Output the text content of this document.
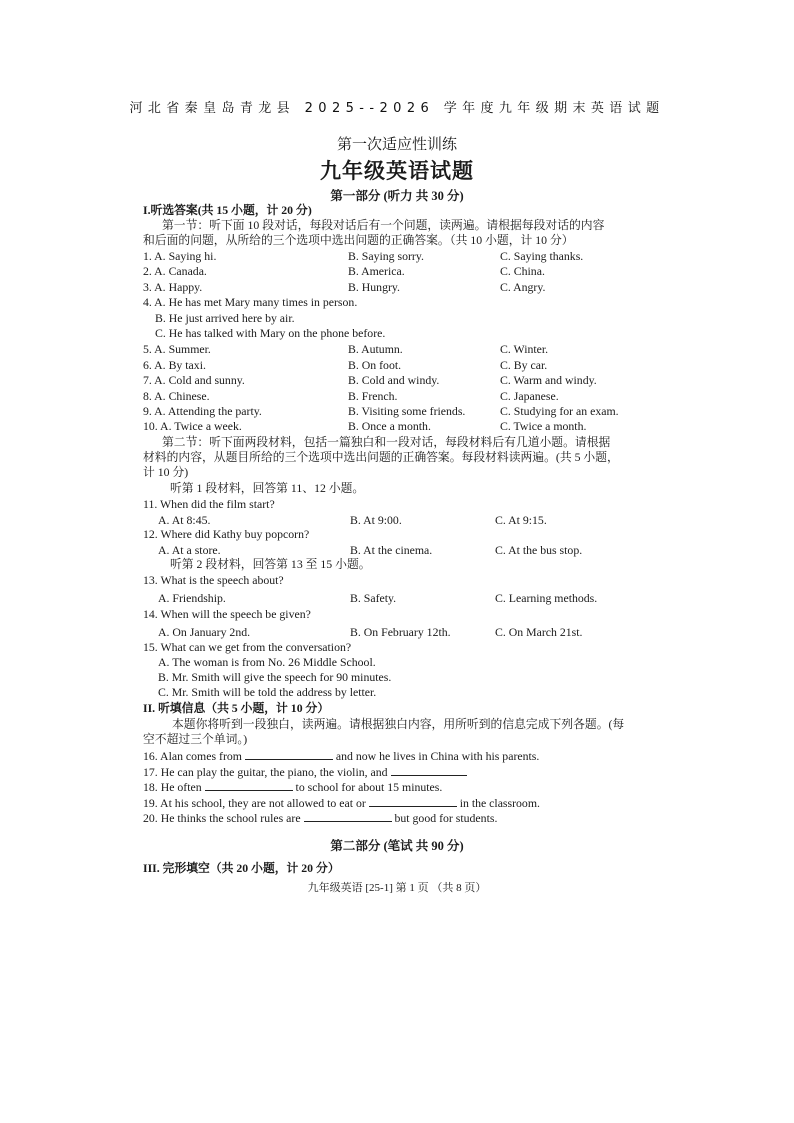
河北省秦皇岛青龙县 2025--2026 学年度九年级期末英语试题
第一次适应性训练
九年级英语试题
第一部分 (听力 共 30 分)
I.听选答案(共 15 小题，计 20 分)
第一节：听下面 10 段对话，每段对话后有一个问题，读两遍。请根据每段对话的内容
和后面的问题，从所给的三个选项中选出问题的正确答案。（共 10 小题，计 10 分）
1. A. Saying hi.	B. Saying sorry.	C. Saying thanks.
2. A. Canada.	B. America.	C. China.
3. A. Happy.	B. Hungry.	C. Angry.
4. A. He has met Mary many times in person.
B. He just arrived here by air.
C. He has talked with Mary on the phone before.
5. A. Summer.	B. Autumn.	C. Winter.
6. A. By taxi.	B. On foot.	C. By car.
7. A. Cold and sunny.	B. Cold and windy.	C. Warm and windy.
8. A. Chinese.	B. French.	C. Japanese.
9. A. Attending the party.	B. Visiting some friends.	C. Studying for an exam.
10. A. Twice a week.	B. Once a month.	C. Twice a month.
第二节：听下面两段材料，包括一篇独白和一段对话，每段材料后有几道小题。请根据
材料的内容，从题目所给的三个选项中选出问题的正确答案。每段材料读两遍。(共 5 小题，
计 10 分)
听第 1 段材料，回答第 11、12 小题。
11. When did the film start?
A. At 8:45.	B. At 9:00.	C. At 9:15.
12. Where did Kathy buy popcorn?
A. At a store.	B. At the cinema.	C. At the bus stop.
听第 2 段材料，回答第 13 至 15 小题。
13. What is the speech about?
A. Friendship.	B. Safety.	C. Learning methods.
14. When will the speech be given?
A. On January 2nd.	B. On February 12th.	C. On March 21st.
15. What can we get from the conversation?
A. The woman is from No. 26 Middle School.
B. Mr. Smith will give the speech for 90 minutes.
C. Mr. Smith will be told the address by letter.
II. 听填信息（共 5 小题，计 10 分）
本题你将听到一段独白，读两遍。请根据独白内容，用所听到的信息完成下列各题。(每
空不超过三个单词。)
16. Alan comes from	and now he lives in China with his parents.
17. He can play the guitar, the piano, the violin, and
18. He often	to school for about 15 minutes.
19. At his school, they are not allowed to eat or	in the classroom.
20. He thinks the school rules are	but good for students.
第二部分 (笔试 共 90 分)
III. 完形填空（共 20 小题，计 20 分）
九年级英语 [25-1] 第 1 页 （共 8 页）
